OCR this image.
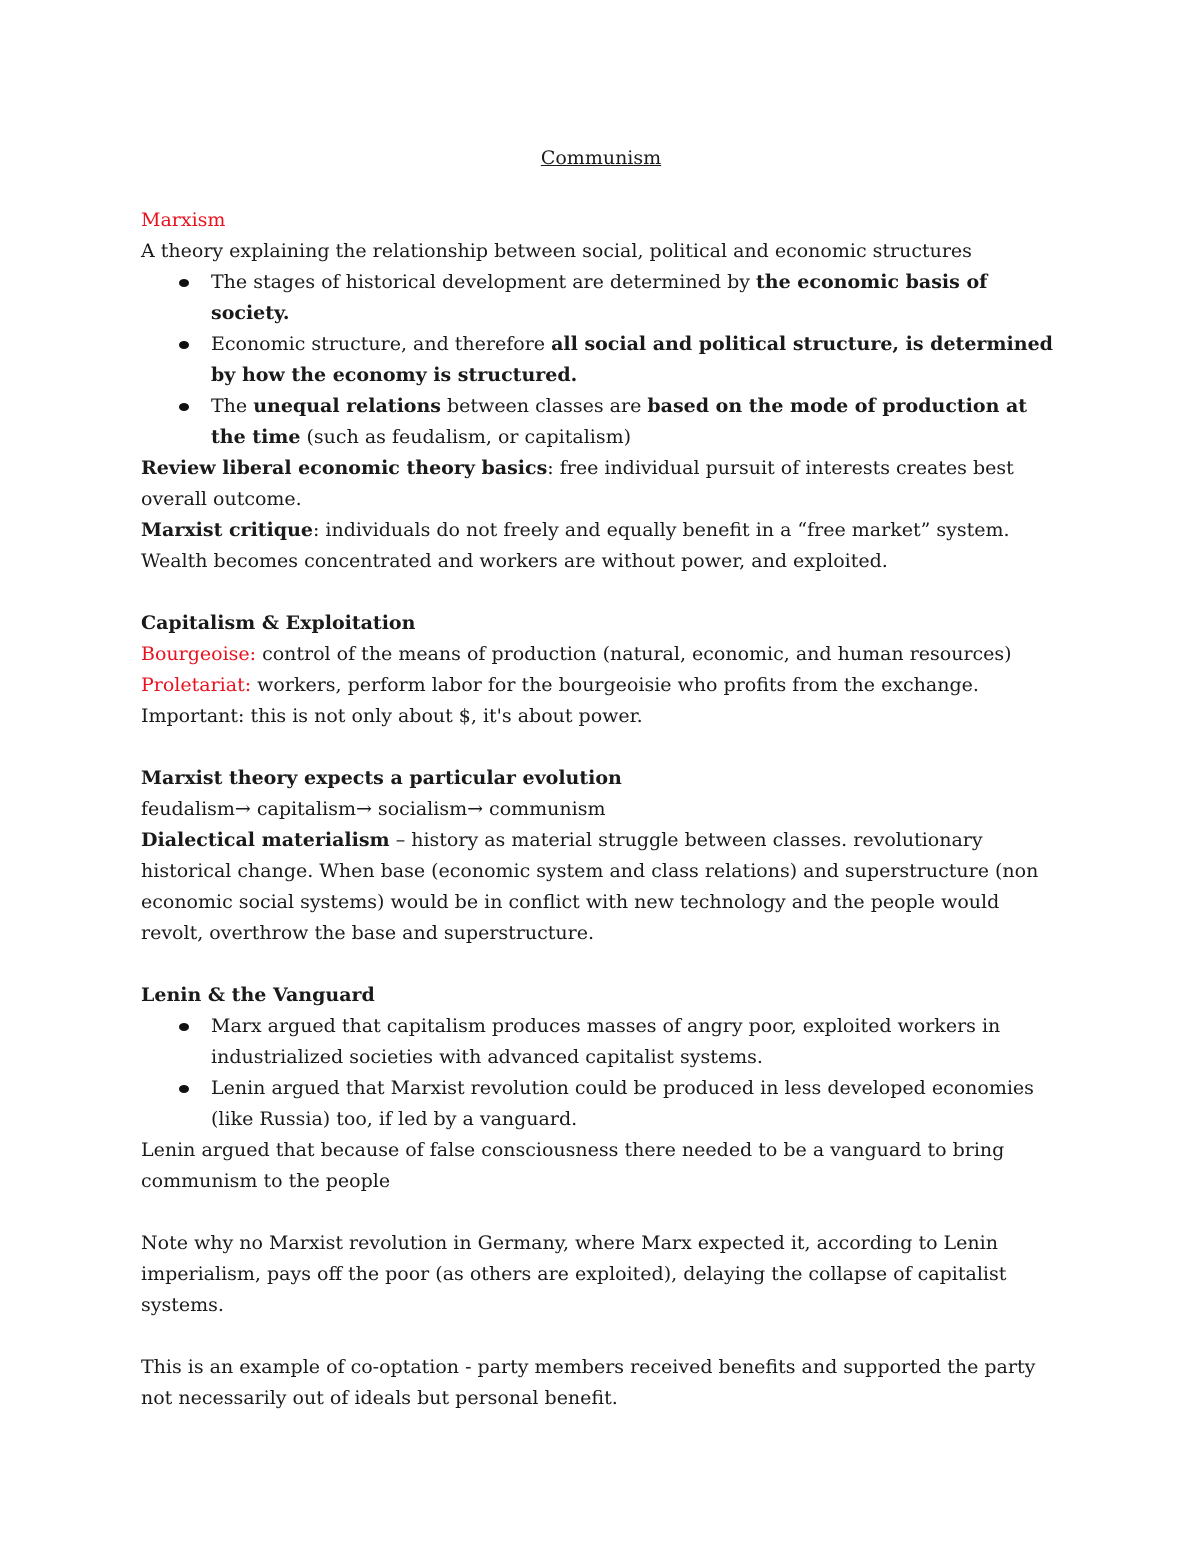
Communism

Marxism

A theory explaining the relationship between social, political and economic structures

The stages of historical development are determined by the economic basis of society.
Economic structure, and therefore all social and political structure, is determined by how the economy is structured.
The unequal relations between classes are based on the mode of production at the time (such as feudalism, or capitalism)

Review liberal economic theory basics: free individual pursuit of interests creates best overall outcome.

Marxist critique: individuals do not freely and equally benefit in a “free market” system. Wealth becomes concentrated and workers are without power, and exploited.

Capitalism & Exploitation

Bourgeoise: control of the means of production (natural, economic, and human resources)

Proletariat: workers, perform labor for the bourgeoisie who profits from the exchange.

Important: this is not only about $, it's about power.

Marxist theory expects a particular evolution

feudalism→ capitalism→ socialism→ communism

Dialectical materialism – history as material struggle between classes. revolutionary historical change. When base (economic system and class relations) and superstructure (non economic social systems) would be in conflict with new technology and the people would revolt, overthrow the base and superstructure.

Lenin & the Vanguard

Marx argued that capitalism produces masses of angry poor, exploited workers in industrialized societies with advanced capitalist systems.
Lenin argued that Marxist revolution could be produced in less developed economies (like Russia) too, if led by a vanguard.

Lenin argued that because of false consciousness there needed to be a vanguard to bring communism to the people

Note why no Marxist revolution in Germany, where Marx expected it, according to Lenin imperialism, pays off the poor (as others are exploited), delaying the collapse of capitalist systems.

This is an example of co-optation - party members received benefits and supported the party not necessarily out of ideals but personal benefit.
